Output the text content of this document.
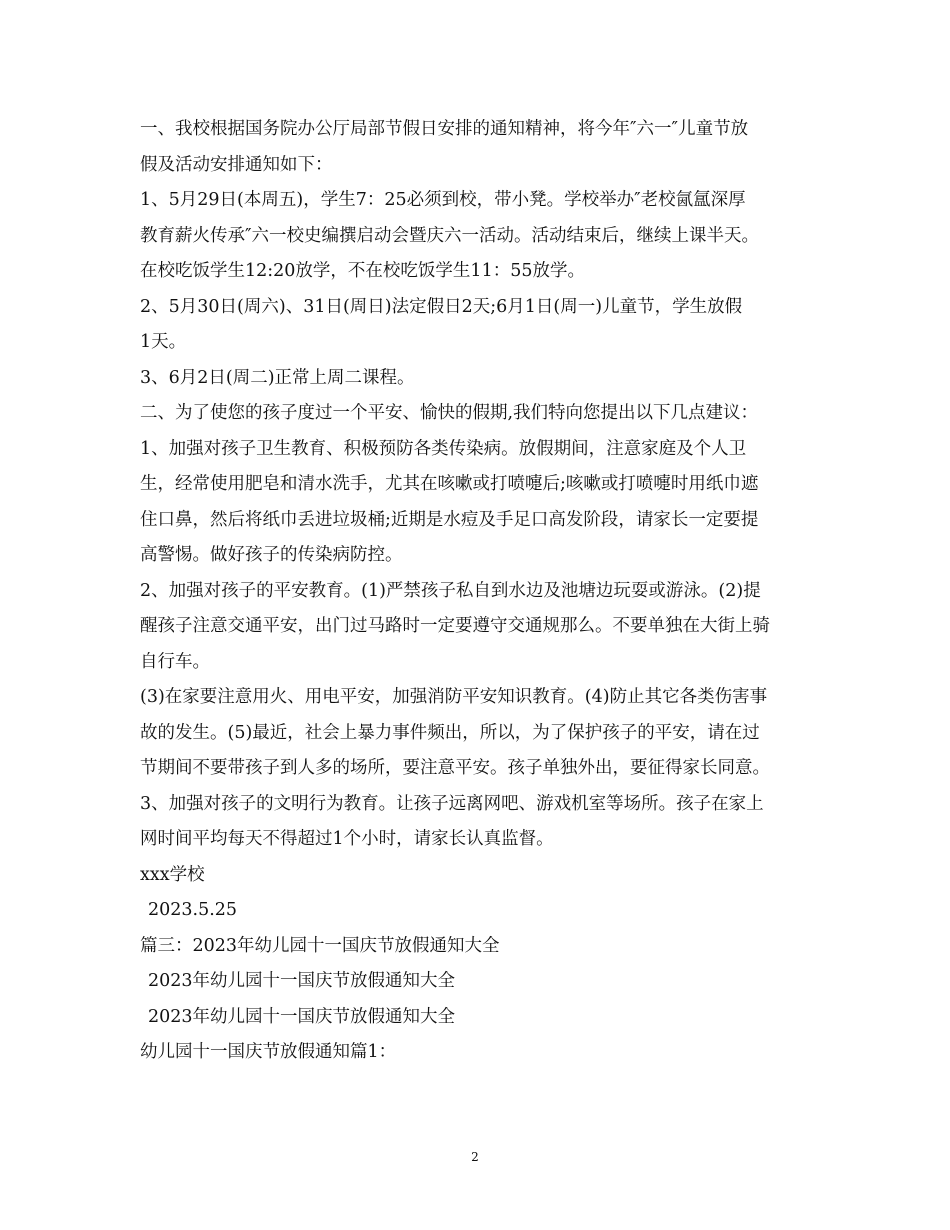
一、我校根据国务院办公厅局部节假日安排的通知精神，将今年″六一″儿童节放
假及活动安排通知如下：
1、5月29日(本周五)，学生7：25必须到校，带小凳。学校举办″老校氤氲深厚
教育薪火传承″六一校史编撰启动会暨庆六一活动。活动结束后，继续上课半天。
在校吃饭学生12:20放学，不在校吃饭学生11：55放学。
2、5月30日(周六)、31日(周日)法定假日2天;6月1日(周一)儿童节，学生放假
1天。
3、6月2日(周二)正常上周二课程。
二、为了使您的孩子度过一个平安、愉快的假期,我们特向您提出以下几点建议：
1、加强对孩子卫生教育、积极预防各类传染病。放假期间，注意家庭及个人卫
生，经常使用肥皂和清水洗手，尤其在咳嗽或打喷嚏后;咳嗽或打喷嚏时用纸巾遮
住口鼻，然后将纸巾丢进垃圾桶;近期是水痘及手足口高发阶段，请家长一定要提
高警惕。做好孩子的传染病防控。
2、加强对孩子的平安教育。(1)严禁孩子私自到水边及池塘边玩耍或游泳。(2)提
醒孩子注意交通平安，出门过马路时一定要遵守交通规那么。不要单独在大街上骑
自行车。
(3)在家要注意用火、用电平安，加强消防平安知识教育。(4)防止其它各类伤害事
故的发生。(5)最近，社会上暴力事件频出，所以，为了保护孩子的平安，请在过
节期间不要带孩子到人多的场所，要注意平安。孩子单独外出，要征得家长同意。
3、加强对孩子的文明行为教育。让孩子远离网吧、游戏机室等场所。孩子在家上
网时间平均每天不得超过1个小时，请家长认真监督。
xxx学校
2023.5.25
篇三：2023年幼儿园十一国庆节放假通知大全
2023年幼儿园十一国庆节放假通知大全
2023年幼儿园十一国庆节放假通知大全
幼儿园十一国庆节放假通知篇1：
2
